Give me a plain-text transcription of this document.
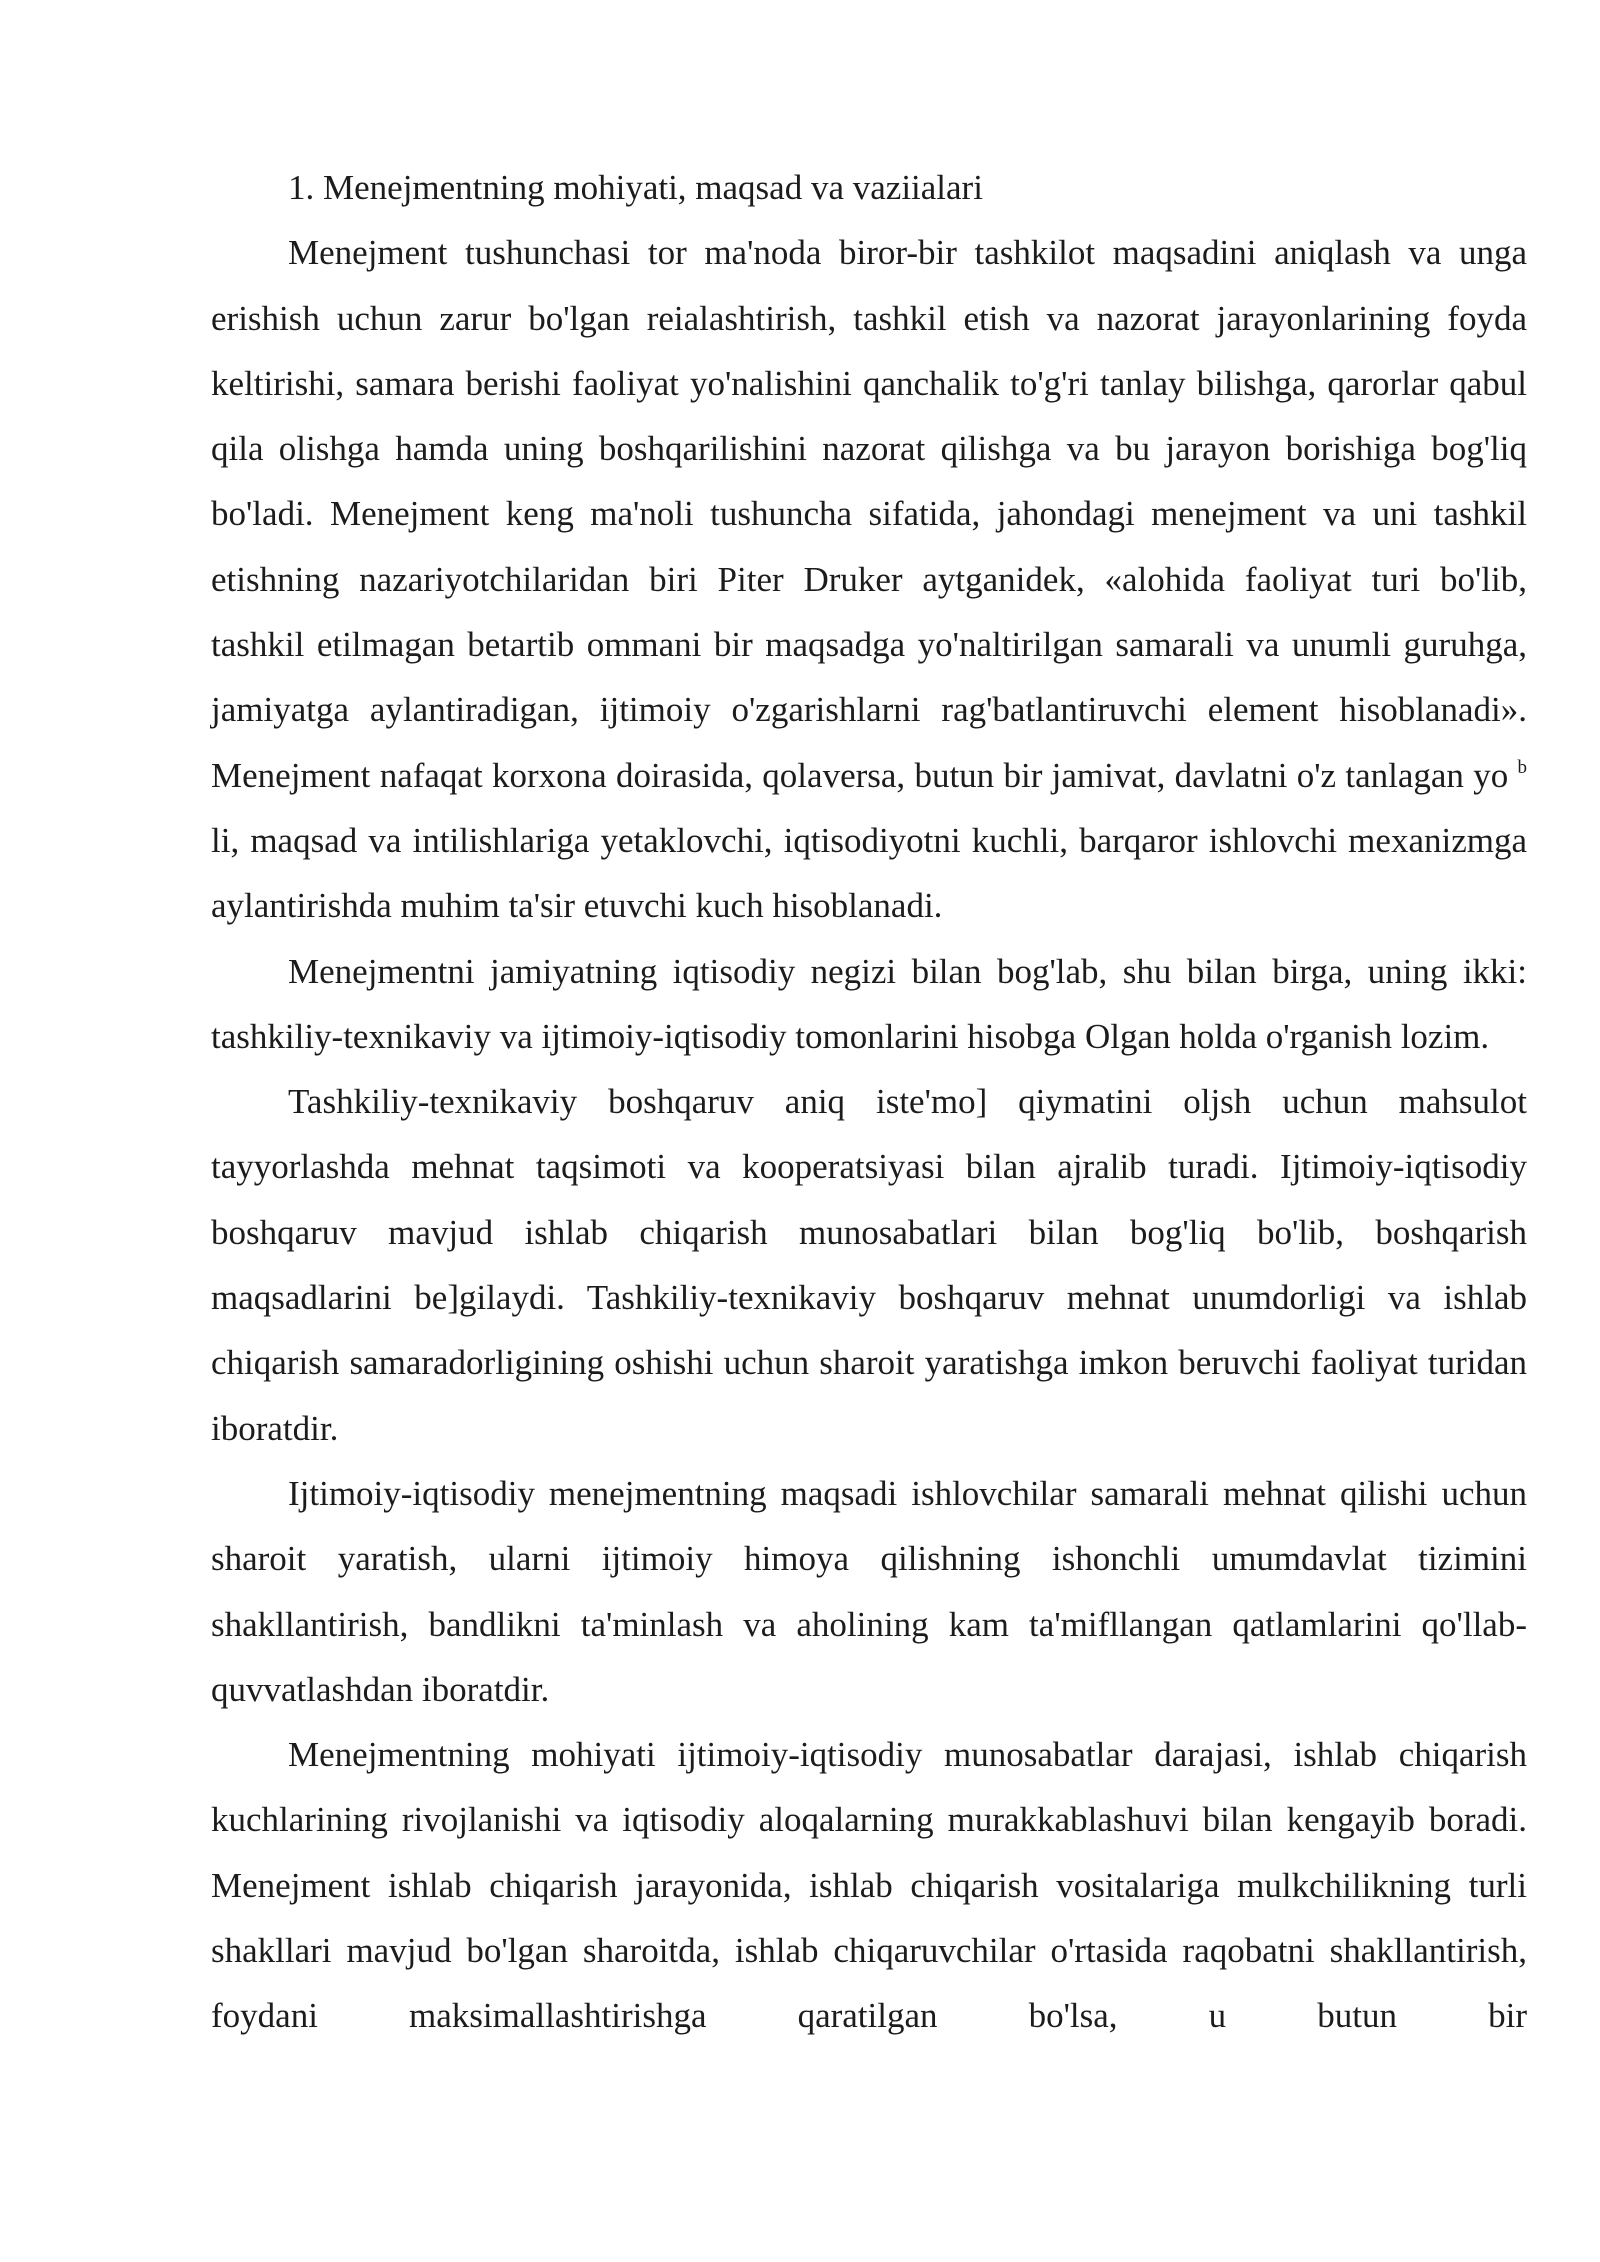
1. Menejmentning mohiyati, maqsad va vaziialari

Menejment tushunchasi tor ma'noda biror-bir tashkilot maqsadini aniqlash va unga erishish uchun zarur bo'lgan reialashtirish, tashkil etish va nazorat jarayonlarining foyda keltirishi, samara berishi faoliyat yo'nalishini qanchalik to'g'ri tanlay bilishga, qarorlar qabul qila olishga hamda uning boshqarilishini nazorat qilishga va bu jarayon borishiga bog'liq bo'ladi. Menejment keng ma'noli tushuncha sifatida, jahondagi menejment va uni tashkil etishning nazariyotchilaridan biri Piter Druker aytganidek, «alohida faoliyat turi bo'lib, tashkil etilmagan betartib ommani bir maqsadga yo'naltirilgan samarali va unumli guruhga, jamiyatga aylantiradigan, ijtimoiy o'zgarishlarni rag'batlantiruvchi element hisoblanadi». Menejment nafaqat korxona doirasida, qolaversa, butun bir jamivat, davlatni o'z tanlagan yo $^b$ li, maqsad va intilishlariga yetaklovchi, iqtisodiyotni kuchli, barqaror ishlovchi mexanizmga aylantirishda muhim ta'sir etuvchi kuch hisoblanadi.

Menejmentni jamiyatning iqtisodiy negizi bilan bog'lab, shu bilan birga, uning ikki: tashkiliy-texnikaviy va ijtimoiy-iqtisodiy tomonlarini hisobga Olgan holda o'rganish lozim.

Tashkiliy-texnikaviy boshqaruv aniq iste'mo] qiymatini oljsh uchun mahsulot tayyorlashda mehnat taqsimoti va kooperatsiyasi bilan ajralib turadi. Ijtimoiy-iqtisodiy boshqaruv mavjud ishlab chiqarish munosabatlari bilan bog'liq bo'lib, boshqarish maqsadlarini be]gilaydi. Tashkiliy-texnikaviy boshqaruv mehnat unumdorligi va ishlab chiqarish samaradorligining oshishi uchun sharoit yaratishga imkon beruvchi faoliyat turidan iboratdir.

Ijtimoiy-iqtisodiy menejmentning maqsadi ishlovchilar samarali mehnat qilishi uchun sharoit yaratish, ularni ijtimoiy himoya qilishning ishonchli umumdavlat tizimini shakllantirish, bandlikni ta'minlash va aholining kam ta'mifllangan qatlamlarini qo'llab-quvvatlashdan iboratdir.

Menejmentning mohiyati ijtimoiy-iqtisodiy munosabatlar darajasi, ishlab chiqarish kuchlarining rivojlanishi va iqtisodiy aloqalarning murakkablashuvi bilan kengayib boradi. Menejment ishlab chiqarish jarayonida, ishlab chiqarish vositalariga mulkchilikning turli shakllari mavjud bo'lgan sharoitda, ishlab chiqaruvchilar o'rtasida raqobatni shakllantirish, foydani maksimallashtirishga qaratilgan bo'lsa, u butun bir
